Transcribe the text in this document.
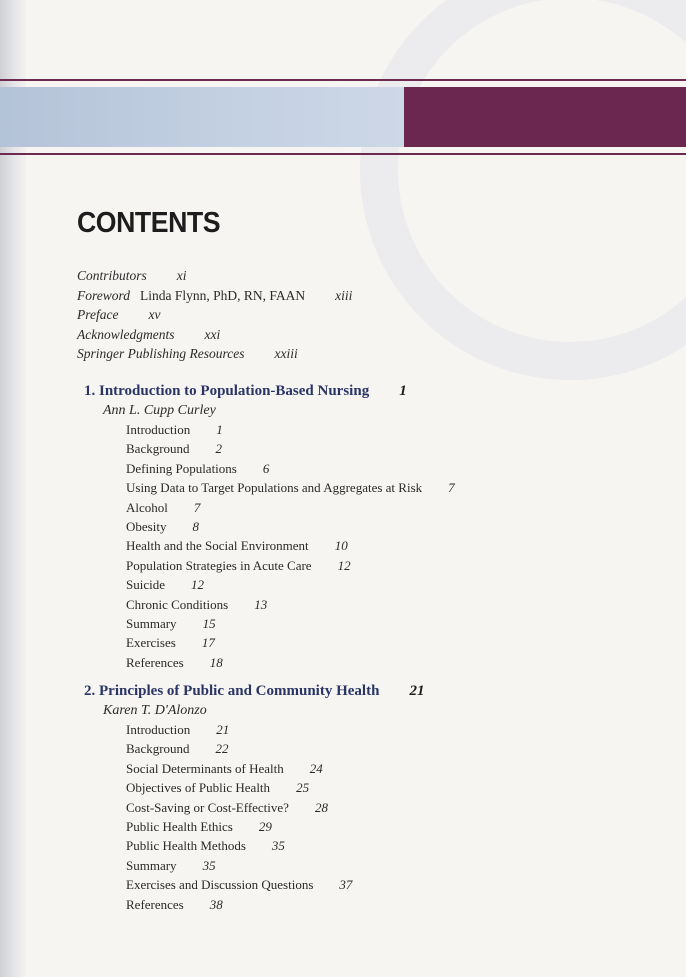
CONTENTS
Contributors xi
Foreword Linda Flynn, PhD, RN, FAAN xiii
Preface xv
Acknowledgments xxi
Springer Publishing Resources xxiii
1. Introduction to Population-Based Nursing 1
Ann L. Cupp Curley
Introduction 1
Background 2
Defining Populations 6
Using Data to Target Populations and Aggregates at Risk 7
Alcohol 7
Obesity 8
Health and the Social Environment 10
Population Strategies in Acute Care 12
Suicide 12
Chronic Conditions 13
Summary 15
Exercises 17
References 18
2. Principles of Public and Community Health 21
Karen T. D'Alonzo
Introduction 21
Background 22
Social Determinants of Health 24
Objectives of Public Health 25
Cost-Saving or Cost-Effective? 28
Public Health Ethics 29
Public Health Methods 35
Summary 35
Exercises and Discussion Questions 37
References 38
